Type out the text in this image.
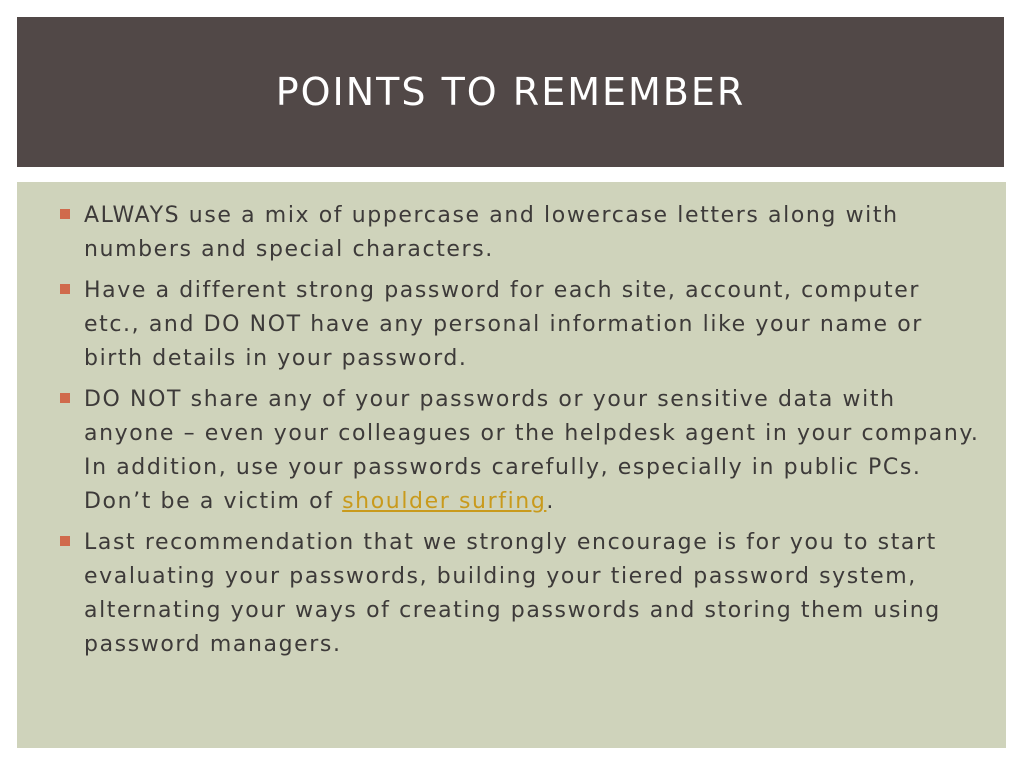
POINTS TO REMEMBER
ALWAYS use a mix of uppercase and lowercase letters along with numbers and special characters.
Have a different strong password for each site, account, computer etc., and DO NOT have any personal information like your name or birth details in your password.
DO NOT share any of your passwords or your sensitive data with anyone – even your colleagues or the helpdesk agent in your company. In addition, use your passwords carefully, especially in public PCs. Don’t be a victim of shoulder surfing.
Last recommendation that we strongly encourage is for you to start evaluating your passwords, building your tiered password system, alternating your ways of creating passwords and storing them using password managers.
